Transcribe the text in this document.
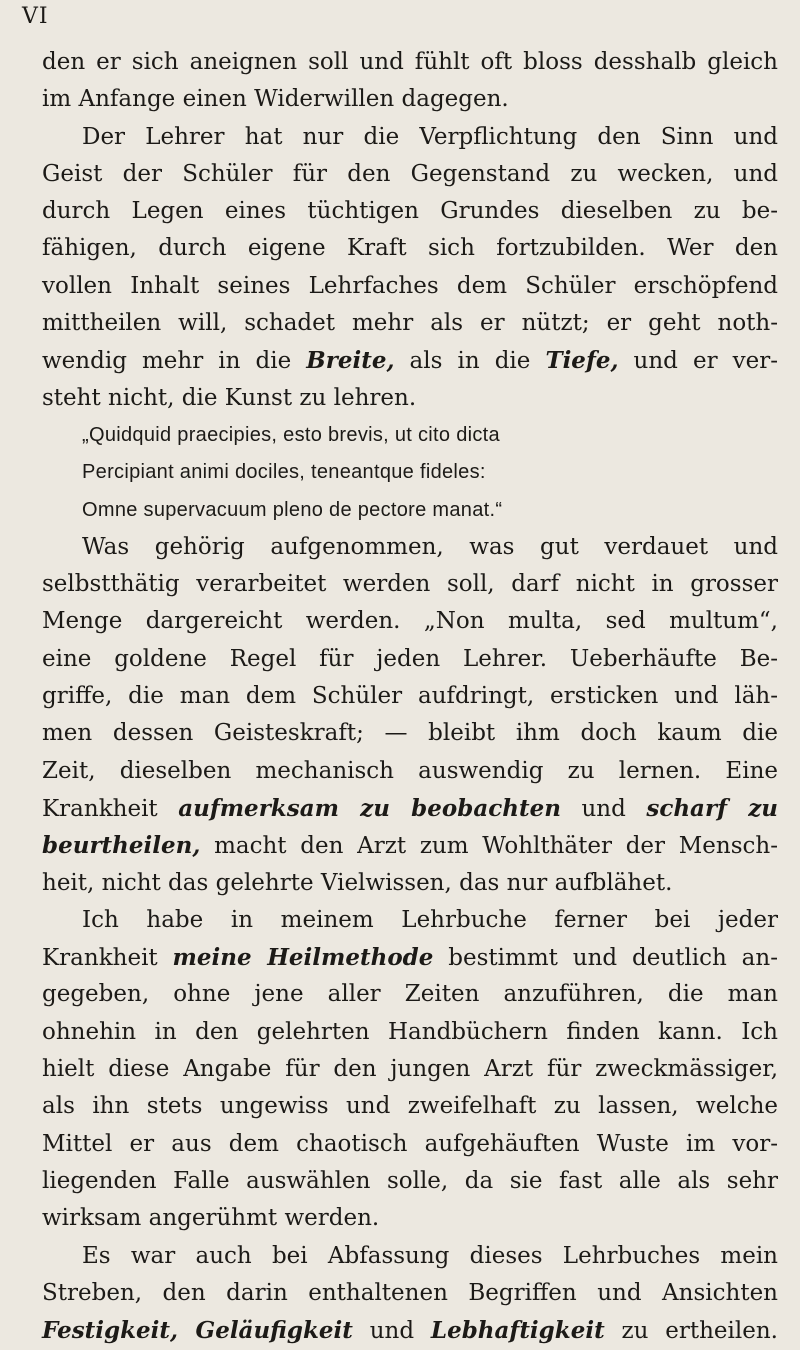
VI
den er sich aneignen soll und fühlt oft bloss desshalb gleich
im Anfange einen Widerwillen dagegen.
Der Lehrer hat nur die Verpflichtung den Sinn und
Geist der Schüler für den Gegenstand zu wecken, und
durch Legen eines tüchtigen Grundes dieselben zu be-
fähigen, durch eigene Kraft sich fortzubilden. Wer den
vollen Inhalt seines Lehrfaches dem Schüler erschöpfend
mittheilen will, schadet mehr als er nützt; er geht noth-
wendig mehr in die Breite, als in die Tiefe, und er ver-
steht nicht, die Kunst zu lehren.
„Quidquid praecipies, esto brevis, ut cito dicta
Percipiant animi dociles, teneantque fideles:
Omne supervacuum pleno de pectore manat.“
Was gehörig aufgenommen, was gut verdauet und
selbstthätig verarbeitet werden soll, darf nicht in grosser
Menge dargereicht werden. „Non multa, sed multum“,
eine goldene Regel für jeden Lehrer. Ueberhäufte Be-
griffe, die man dem Schüler aufdringt, ersticken und läh-
men dessen Geisteskraft; — bleibt ihm doch kaum die
Zeit, dieselben mechanisch auswendig zu lernen. Eine
Krankheit aufmerksam zu beobachten und scharf zu
beurtheilen, macht den Arzt zum Wohlthäter der Mensch-
heit, nicht das gelehrte Vielwissen, das nur aufblähet.
Ich habe in meinem Lehrbuche ferner bei jeder
Krankheit meine Heilmethode bestimmt und deutlich an-
gegeben, ohne jene aller Zeiten anzuführen, die man
ohnehin in den gelehrten Handbüchern finden kann. Ich
hielt diese Angabe für den jungen Arzt für zweckmässiger,
als ihn stets ungewiss und zweifelhaft zu lassen, welche
Mittel er aus dem chaotisch aufgehäuften Wuste im vor-
liegenden Falle auswählen solle, da sie fast alle als sehr
wirksam angerühmt werden.
Es war auch bei Abfassung dieses Lehrbuches mein
Streben, den darin enthaltenen Begriffen und Ansichten
Festigkeit, Geläufigkeit und Lebhaftigkeit zu ertheilen.
